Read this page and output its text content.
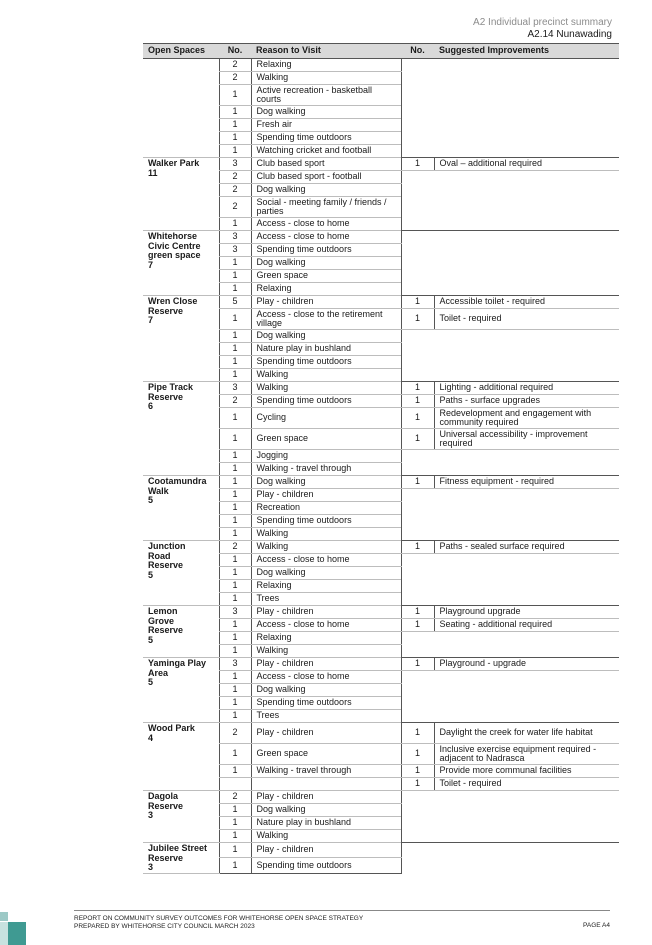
A2 Individual precinct summary
A2.14 Nunawading
Open Spaces	No.	Reason to Visit	No.	Suggested Improvements
	2	Relaxing		
	2	Walking		
	1	Active recreation - basketball courts		
	1	Dog walking		
	1	Fresh air		
	1	Spending time outdoors		
	1	Watching cricket and football		

Walker Park
11	3	Club based sport	1	Oval – additional required
	2	Club based sport - football		
	2	Dog walking		
	2	Social - meeting family / friends / parties		
	1	Access - close to home		

Whitehorse
Civic Centre
green space
7	3	Access - close to home		
	3	Spending time outdoors		
	1	Dog walking		
	1	Green space		
	1	Relaxing		

Wren Close
Reserve
7	5	Play - children	1	Accessible toilet - required
	1	Access - close to the retirement village	1	Toilet - required
	1	Dog walking		
	1	Nature play in bushland		
	1	Spending time outdoors		
	1	Walking		

Pipe Track
Reserve
6	3	Walking	1	Lighting - additional required
	2	Spending time outdoors	1	Paths - surface upgrades
	1	Cycling	1	Redevelopment and engagement with community required
	1	Green space	1	Universal accessibility - improvement required
	1	Jogging		
	1	Walking - travel through		

Cootamundra
Walk
5	1	Dog walking	1	Fitness equipment - required
	1	Play - children		
	1	Recreation		
	1	Spending time outdoors		
	1	Walking		

Junction
Road
Reserve
5	2	Walking	1	Paths - sealed surface required
	1	Access - close to home		
	1	Dog walking		
	1	Relaxing		
	1	Trees		

Lemon
Grove
Reserve
5	3	Play - children	1	Playground upgrade
	1	Access - close to home	1	Seating - additional required
	1	Relaxing		
	1	Walking		

Yaminga Play
Area
5	3	Play - children	1	Playground - upgrade
	1	Access - close to home		
	1	Dog walking		
	1	Spending time outdoors		
	1	Trees		

Wood Park
4	2	Play - children	1	Daylight the creek for water life habitat
	1	Green space	1	Inclusive exercise equipment required - adjacent to Nadrasca
	1	Walking - travel through	1	Provide more communal facilities
			1	Toilet - required

Dagola
Reserve
3	2	Play - children		
	1	Dog walking		
	1	Nature play in bushland		
	1	Walking		

Jubilee Street
Reserve
3	1	Play - children		
	1	Spending time outdoors		
REPORT ON COMMUNITY SURVEY OUTCOMES FOR WHITEHORSE OPEN SPACE STRATEGY
PREPARED BY WHITEHORSE CITY COUNCIL MARCH 2023	PAGE A4
